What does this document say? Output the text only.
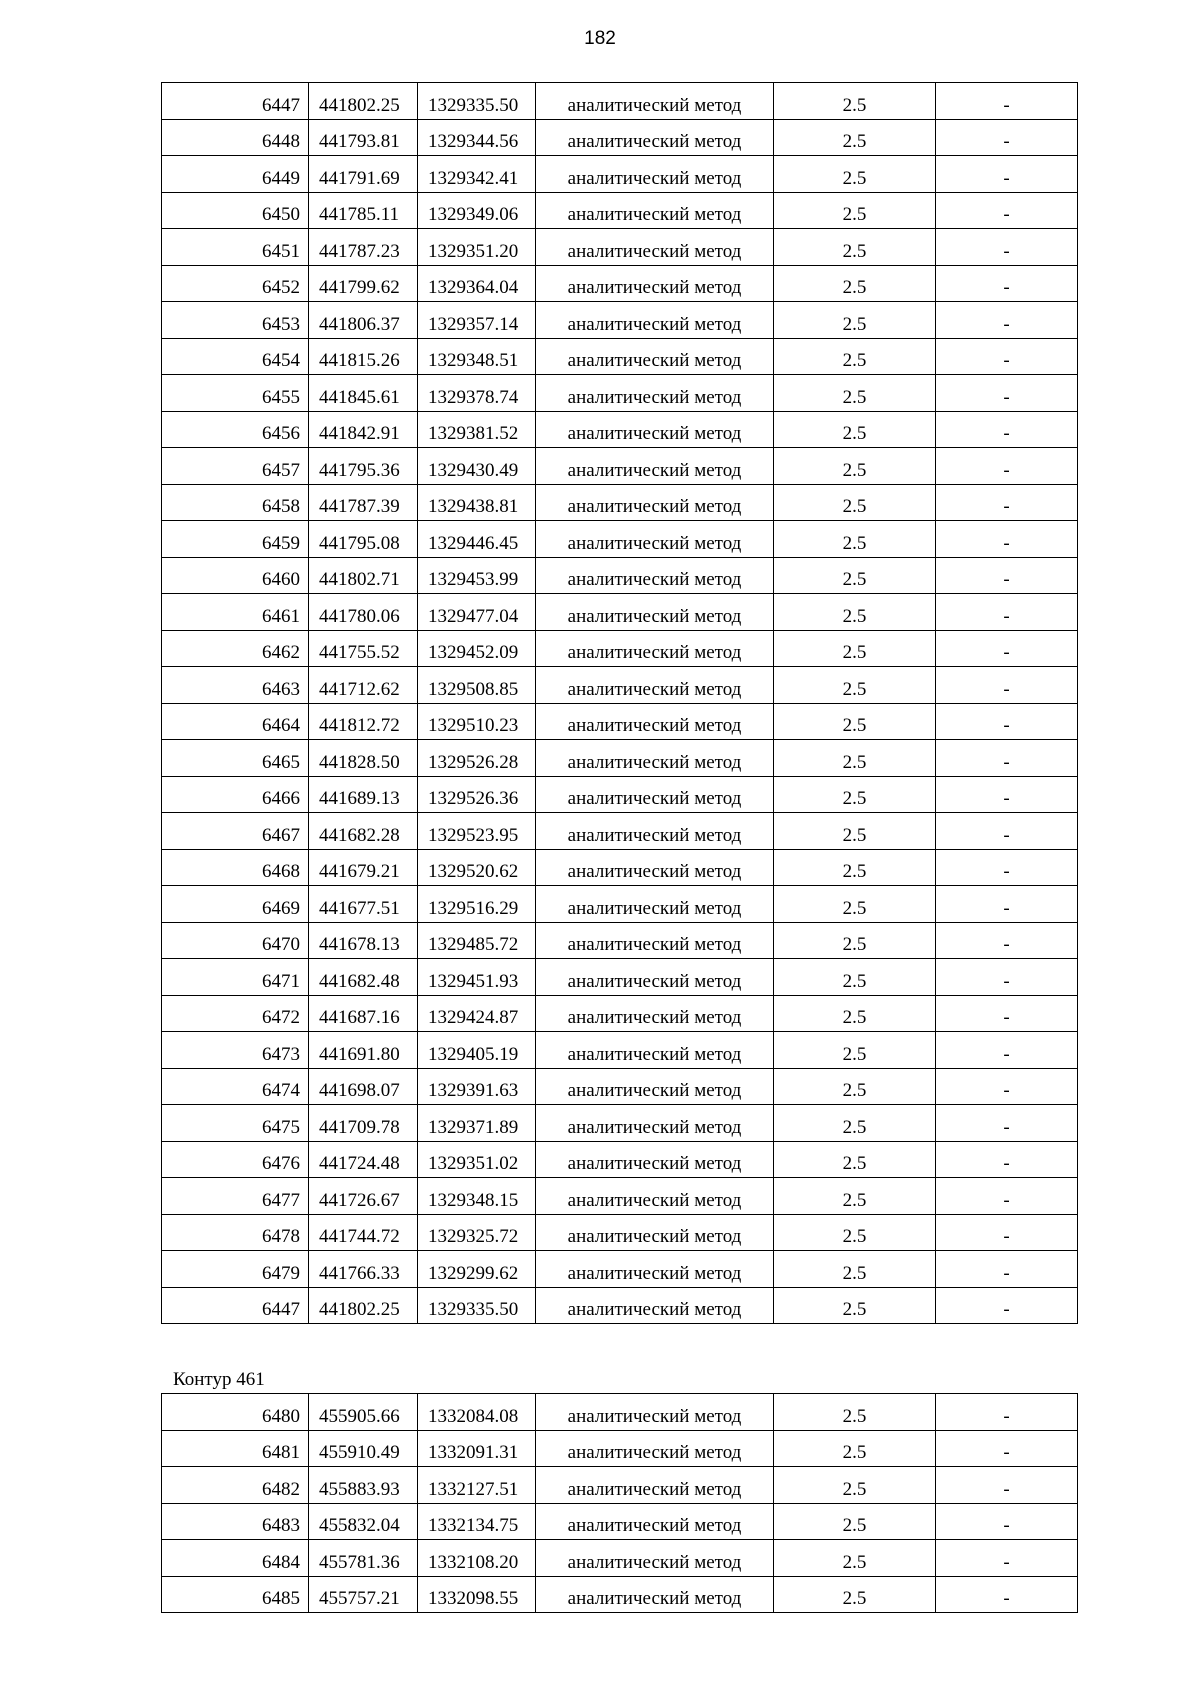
182
6447	441802.25	1329335.50	аналитический метод	2.5	-
6448	441793.81	1329344.56	аналитический метод	2.5	-
6449	441791.69	1329342.41	аналитический метод	2.5	-
6450	441785.11	1329349.06	аналитический метод	2.5	-
6451	441787.23	1329351.20	аналитический метод	2.5	-
6452	441799.62	1329364.04	аналитический метод	2.5	-
6453	441806.37	1329357.14	аналитический метод	2.5	-
6454	441815.26	1329348.51	аналитический метод	2.5	-
6455	441845.61	1329378.74	аналитический метод	2.5	-
6456	441842.91	1329381.52	аналитический метод	2.5	-
6457	441795.36	1329430.49	аналитический метод	2.5	-
6458	441787.39	1329438.81	аналитический метод	2.5	-
6459	441795.08	1329446.45	аналитический метод	2.5	-
6460	441802.71	1329453.99	аналитический метод	2.5	-
6461	441780.06	1329477.04	аналитический метод	2.5	-
6462	441755.52	1329452.09	аналитический метод	2.5	-
6463	441712.62	1329508.85	аналитический метод	2.5	-
6464	441812.72	1329510.23	аналитический метод	2.5	-
6465	441828.50	1329526.28	аналитический метод	2.5	-
6466	441689.13	1329526.36	аналитический метод	2.5	-
6467	441682.28	1329523.95	аналитический метод	2.5	-
6468	441679.21	1329520.62	аналитический метод	2.5	-
6469	441677.51	1329516.29	аналитический метод	2.5	-
6470	441678.13	1329485.72	аналитический метод	2.5	-
6471	441682.48	1329451.93	аналитический метод	2.5	-
6472	441687.16	1329424.87	аналитический метод	2.5	-
6473	441691.80	1329405.19	аналитический метод	2.5	-
6474	441698.07	1329391.63	аналитический метод	2.5	-
6475	441709.78	1329371.89	аналитический метод	2.5	-
6476	441724.48	1329351.02	аналитический метод	2.5	-
6477	441726.67	1329348.15	аналитический метод	2.5	-
6478	441744.72	1329325.72	аналитический метод	2.5	-
6479	441766.33	1329299.62	аналитический метод	2.5	-
6447	441802.25	1329335.50	аналитический метод	2.5	-
Контур 461
6480	455905.66	1332084.08	аналитический метод	2.5	-
6481	455910.49	1332091.31	аналитический метод	2.5	-
6482	455883.93	1332127.51	аналитический метод	2.5	-
6483	455832.04	1332134.75	аналитический метод	2.5	-
6484	455781.36	1332108.20	аналитический метод	2.5	-
6485	455757.21	1332098.55	аналитический метод	2.5	-
